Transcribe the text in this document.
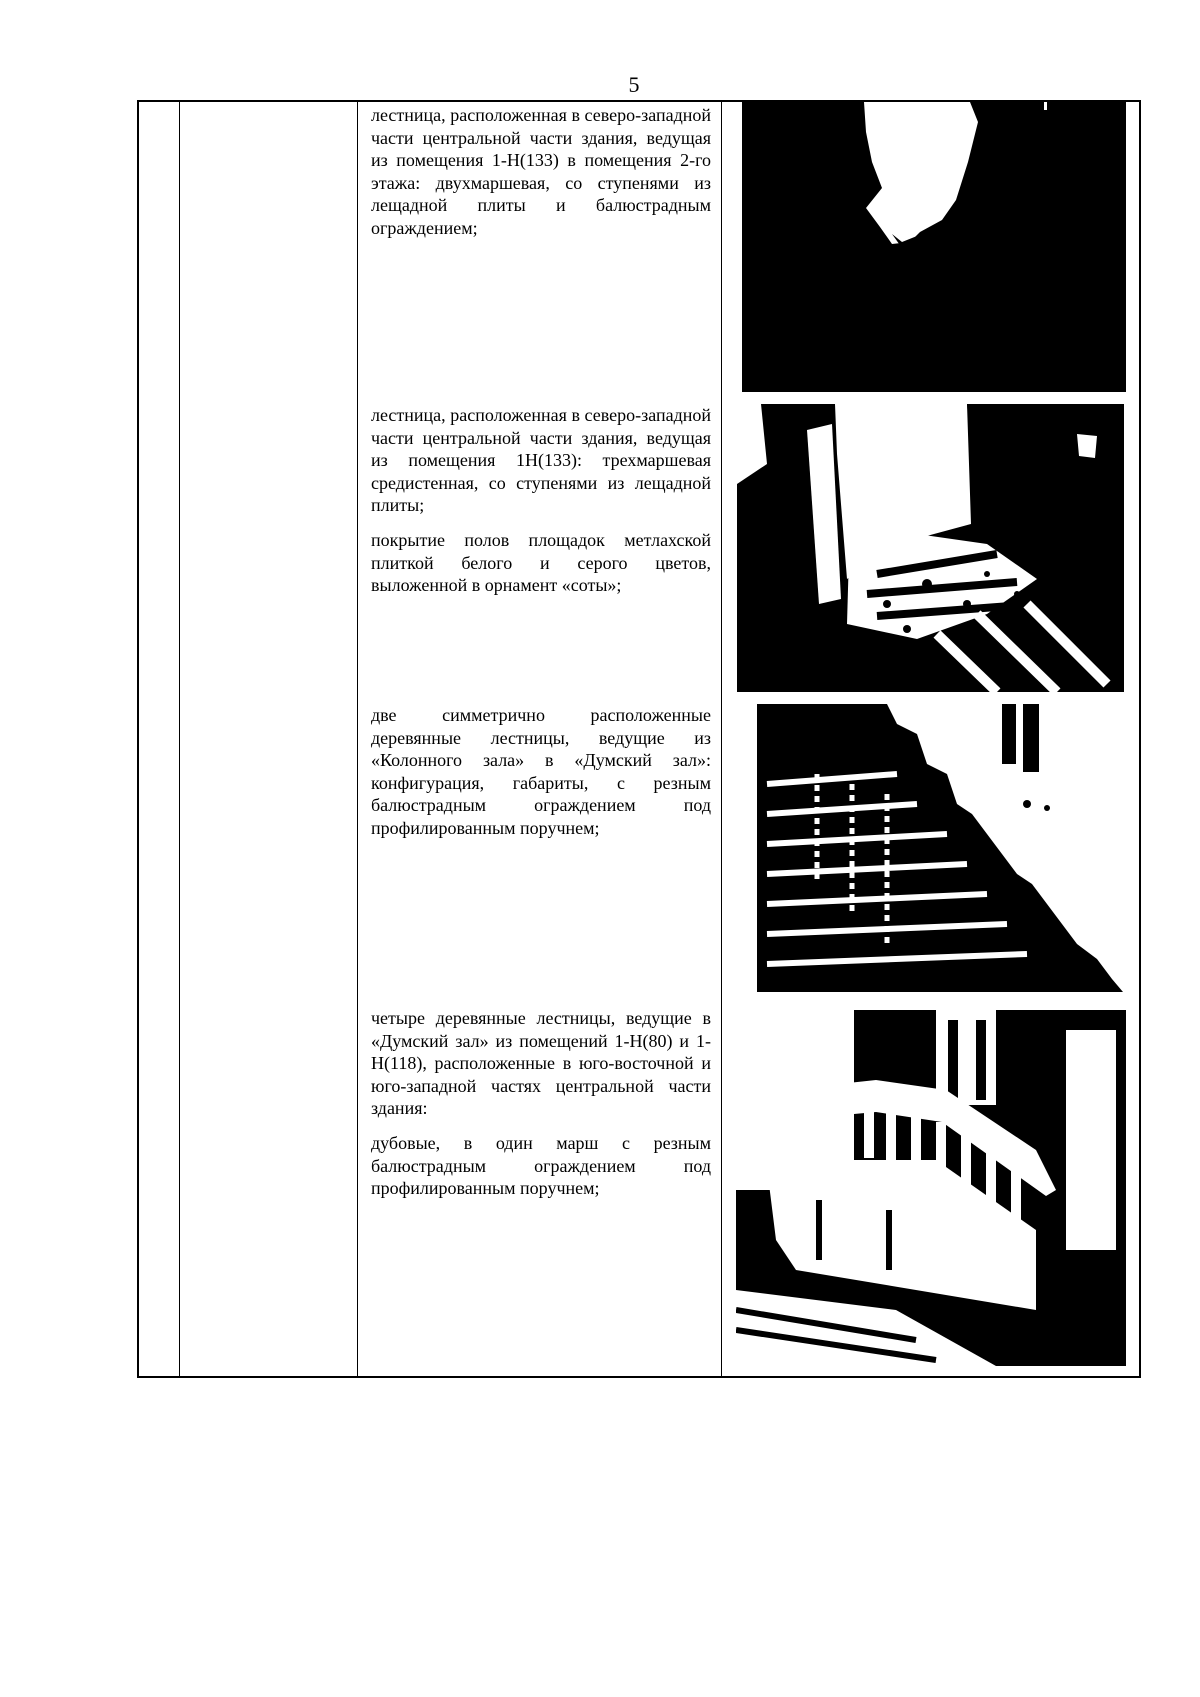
5

лестница, расположенная в северо-западной части центральной части здания, ведущая из помещения 1-Н(133) в помещения 2-го этажа: двухмаршевая, со ступенями из лещадной плиты и балюстрадным ограждением;

лестница, расположенная в северо-западной части центральной части здания, ведущая из помещения 1Н(133): трехмаршевая средистенная, со ступенями из лещадной плиты;

покрытие полов площадок метлахской плиткой белого и серого цветов, выложенной в орнамент «соты»;

две симметрично расположенные деревянные лестницы, ведущие из «Колонного зала» в «Думский зал»: конфигурация, габариты, с резным балюстрадным ограждением под профилированным поручнем;

четыре деревянные лестницы, ведущие в «Думский зал» из помещений 1-Н(80) и 1-Н(118), расположенные в юго-восточной и юго-западной частях центральной части здания:

дубовые, в один марш с резным балюстрадным ограждением под профилированным поручнем;
